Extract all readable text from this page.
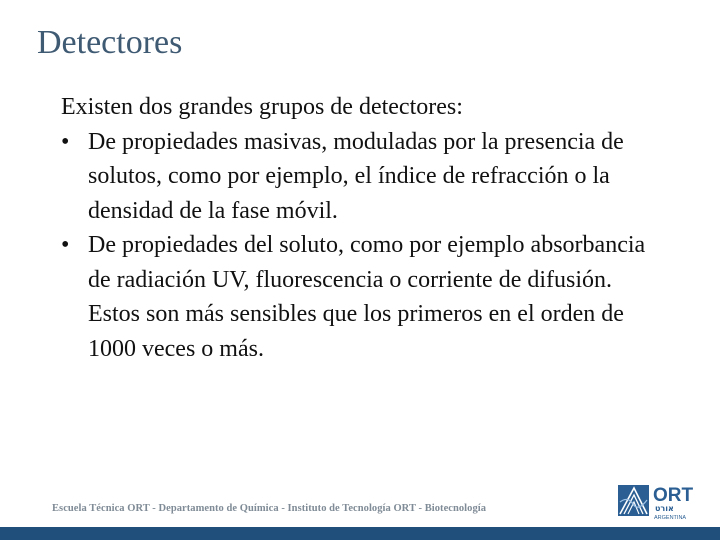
Detectores

Existen dos grandes grupos de detectores:

• De propiedades masivas, moduladas por la presencia de solutos, como por ejemplo, el índice de refracción o la densidad de la fase móvil.
• De propiedades del soluto, como por ejemplo absorbancia de radiación UV, fluorescencia o corriente de difusión. Estos son más sensibles que los primeros en el orden de 1000 veces o más.
Escuela Técnica ORT - Departamento de Química - Instituto de Tecnología ORT - Biotecnología
ORT
אורט
ARGENTINA
